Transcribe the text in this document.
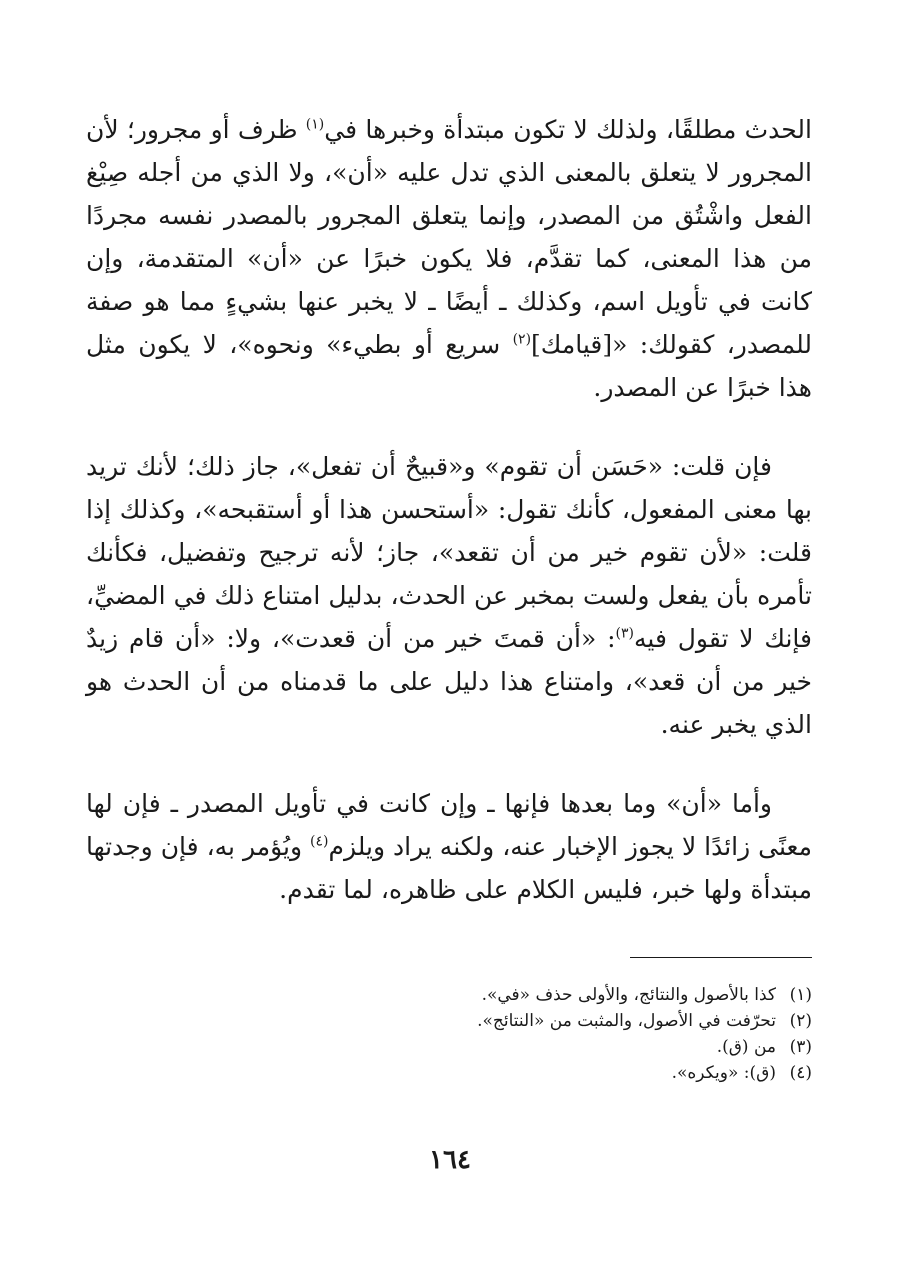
الحدث مطلقًا، ولذلك لا تكون مبتدأة وخبرها في$^{(١)}$ ظرف أو مجرور؛ لأن المجرور لا يتعلق بالمعنى الذي تدل عليه «أن»، ولا الذي من أجله صِيْغ الفعل واشْتُق من المصدر، وإنما يتعلق المجرور بالمصدر نفسه مجردًا من هذا المعنى، كما تقدَّم، فلا يكون خبرًا عن «أن» المتقدمة، وإن كانت في تأويل اسم، وكذلك ـ أيضًا ـ لا يخبر عنها بشيءٍ مما هو صفة للمصدر، كقولك: «[قيامك]$^{(٢)}$ سريع أو بطيء» ونحوه»، لا يكون مثل هذا خبرًا عن المصدر.

فإن قلت: «حَسَن أن تقوم» و«قبيحٌ أن تفعل»، جاز ذلك؛ لأنك تريد بها معنى المفعول، كأنك تقول: «أستحسن هذا أو أستقبحه»، وكذلك إذا قلت: «لأن تقوم خير من أن تقعد»، جاز؛ لأنه ترجيح وتفضيل، فكأنك تأمره بأن يفعل ولست بمخبر عن الحدث، بدليل امتناع ذلك في المضيِّ، فإنك لا تقول فيه$^{(٣)}$: «أن قمتَ خير من أن قعدت»، ولا: «أن قام زيدٌ خير من أن قعد»، وامتناع هذا دليل على ما قدمناه من أن الحدث هو الذي يخبر عنه.

وأما «أن» وما بعدها فإنها ـ وإن كانت في تأويل المصدر ـ فإن لها معنًى زائدًا لا يجوز الإخبار عنه، ولكنه يراد ويلزم$^{(٤)}$ ويُؤمر به، فإن وجدتها مبتدأة ولها خبر، فليس الكلام على ظاهره، لما تقدم.

(١)
كذا بالأصول والنتائج، والأولى حذف «في».
(٢)
تحرّفت في الأصول، والمثبت من «النتائج».
(٣)
من (ق).
(٤)
(ق): «ويكره».
١٦٤
